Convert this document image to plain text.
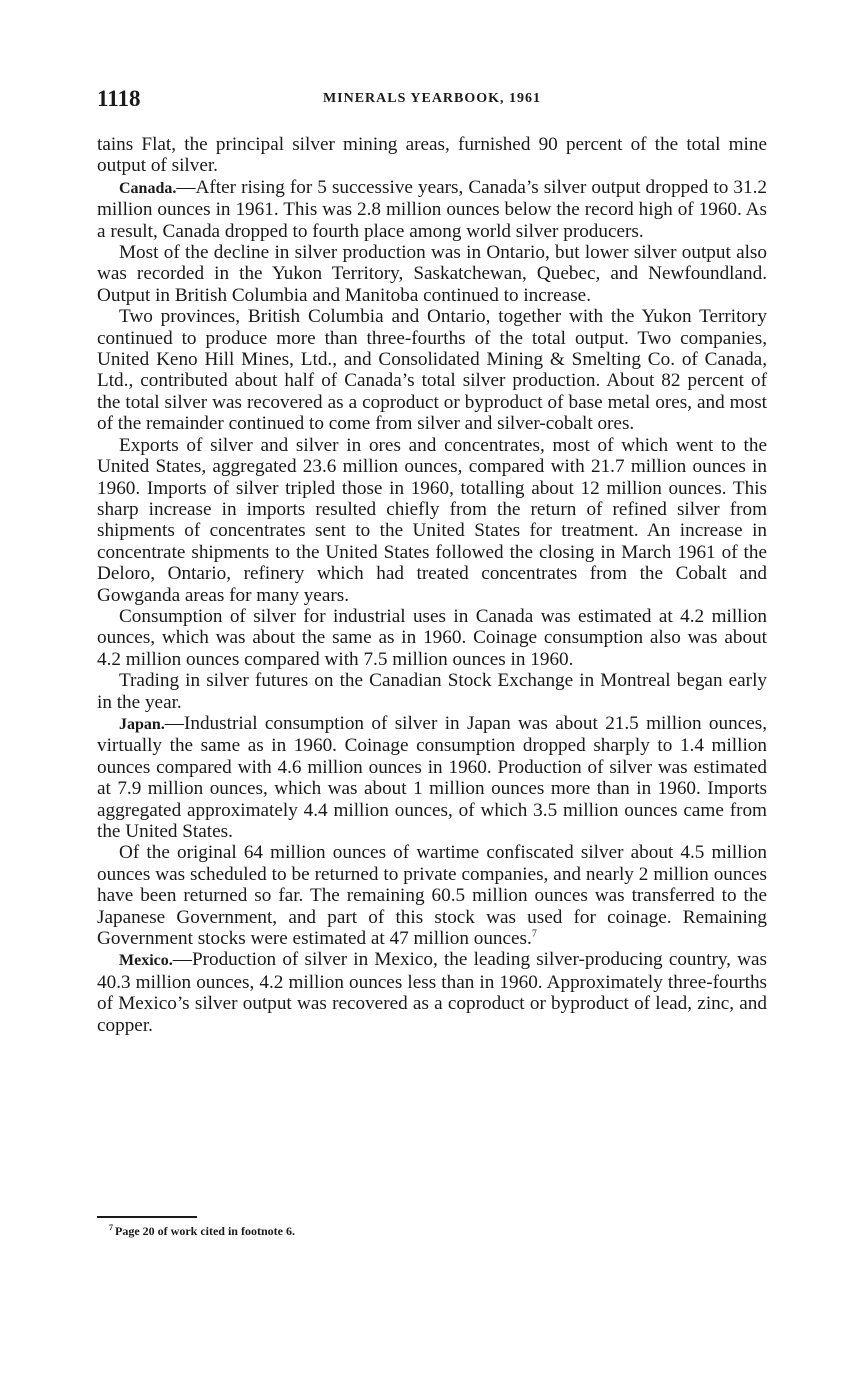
1118	MINERALS YEARBOOK, 1961

tains Flat, the principal silver mining areas, furnished 90 percent of the total mine output of silver.

Canada.—After rising for 5 successive years, Canada’s silver output dropped to 31.2 million ounces in 1961. This was 2.8 million ounces below the record high of 1960. As a result, Canada dropped to fourth place among world silver producers.

Most of the decline in silver production was in Ontario, but lower silver output also was recorded in the Yukon Territory, Saskatchewan, Quebec, and Newfoundland. Output in British Columbia and Manitoba continued to increase.

Two provinces, British Columbia and Ontario, together with the Yukon Territory continued to produce more than three-fourths of the total output. Two companies, United Keno Hill Mines, Ltd., and Consolidated Mining & Smelting Co. of Canada, Ltd., contributed about half of Canada’s total silver production. About 82 percent of the total silver was recovered as a coproduct or byproduct of base metal ores, and most of the remainder continued to come from silver and silver-cobalt ores.

Exports of silver and silver in ores and concentrates, most of which went to the United States, aggregated 23.6 million ounces, compared with 21.7 million ounces in 1960. Imports of silver tripled those in 1960, totalling about 12 million ounces. This sharp increase in imports resulted chiefly from the return of refined silver from shipments of concentrates sent to the United States for treatment. An increase in concentrate shipments to the United States followed the closing in March 1961 of the Deloro, Ontario, refinery which had treated concentrates from the Cobalt and Gowganda areas for many years.

Consumption of silver for industrial uses in Canada was estimated at 4.2 million ounces, which was about the same as in 1960. Coinage consumption also was about 4.2 million ounces compared with 7.5 million ounces in 1960.

Trading in silver futures on the Canadian Stock Exchange in Montreal began early in the year.

Japan.—Industrial consumption of silver in Japan was about 21.5 million ounces, virtually the same as in 1960. Coinage consumption dropped sharply to 1.4 million ounces compared with 4.6 million ounces in 1960. Production of silver was estimated at 7.9 million ounces, which was about 1 million ounces more than in 1960. Imports aggregated approximately 4.4 million ounces, of which 3.5 million ounces came from the United States.

Of the original 64 million ounces of wartime confiscated silver about 4.5 million ounces was scheduled to be returned to private companies, and nearly 2 million ounces have been returned so far. The remaining 60.5 million ounces was transferred to the Japanese Government, and part of this stock was used for coinage. Remaining Government stocks were estimated at 47 million ounces.$^7$

Mexico.—Production of silver in Mexico, the leading silver-producing country, was 40.3 million ounces, 4.2 million ounces less than in 1960. Approximately three-fourths of Mexico’s silver output was recovered as a coproduct or byproduct of lead, zinc, and copper.

$^7$ Page 20 of work cited in footnote 6.
